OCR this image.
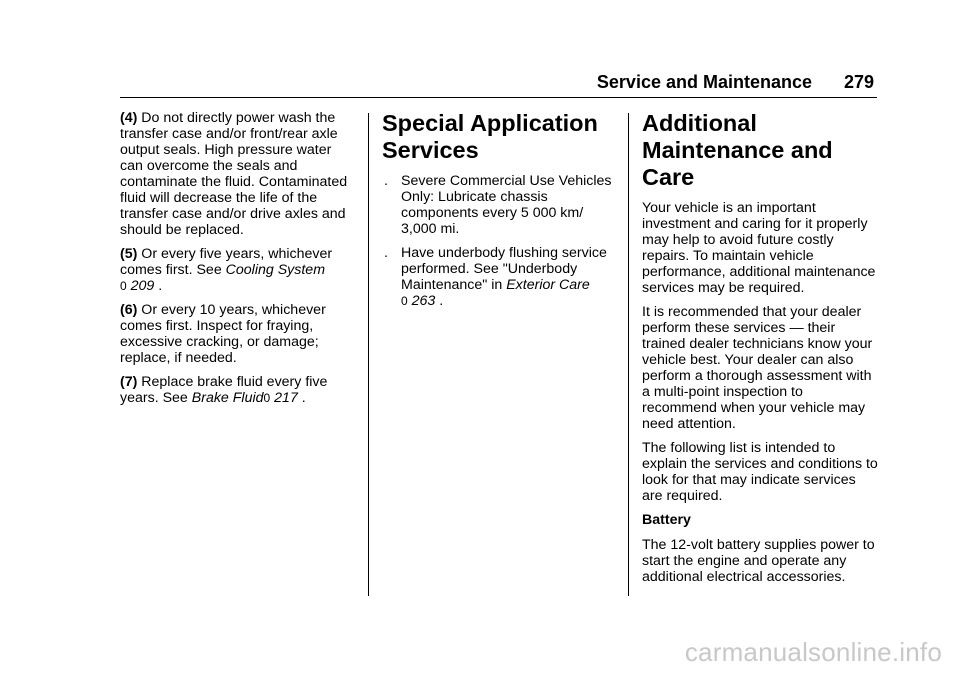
Service and Maintenance 279

(4) Do not directly power wash the transfer case and/or front/rear axle output seals. High pressure water can overcome the seals and contaminate the fluid. Contaminated fluid will decrease the life of the transfer case and/or drive axles and should be replaced.

(5) Or every five years, whichever comes first. See Cooling System
0 209 .

(6) Or every 10 years, whichever comes first. Inspect for fraying, excessive cracking, or damage; replace, if needed.

(7) Replace brake fluid every five years. See Brake Fluid0 217 .

Special Application Services
. Severe Commercial Use Vehicles Only: Lubricate chassis components every 5 000 km/ 3,000 mi.
. Have underbody flushing service performed. See "Underbody Maintenance" in Exterior Care
0 263 .
Additional Maintenance and Care

Your vehicle is an important investment and caring for it properly may help to avoid future costly repairs. To maintain vehicle performance, additional maintenance services may be required.

It is recommended that your dealer perform these services — their trained dealer technicians know your vehicle best. Your dealer can also perform a thorough assessment with a multi-point inspection to recommend when your vehicle may need attention.

The following list is intended to explain the services and conditions to look for that may indicate services are required.

Battery

The 12-volt battery supplies power to start the engine and operate any additional electrical accessories.

carmanualsonline.info
